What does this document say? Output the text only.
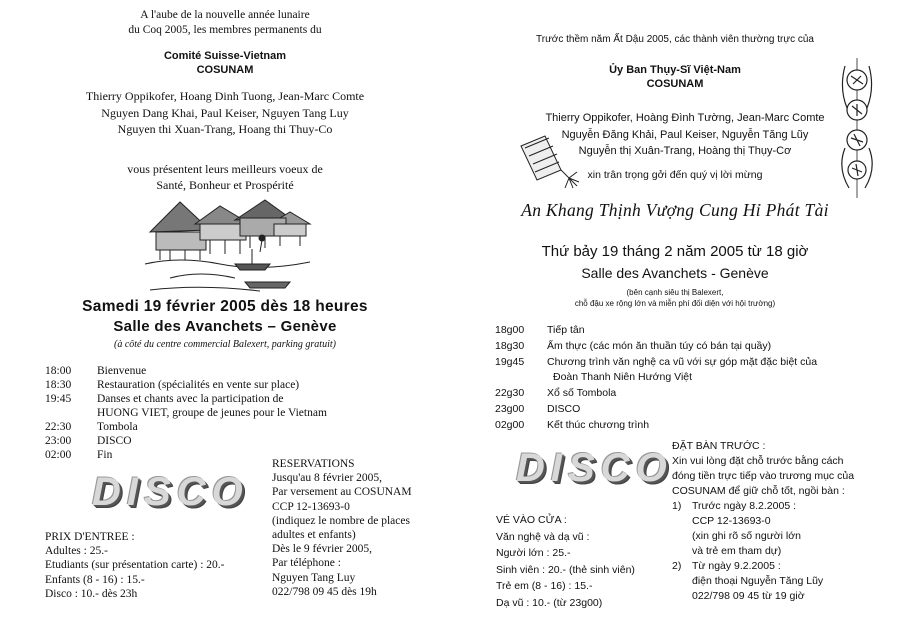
A l'aube de la nouvelle année lunaire
du Coq 2005, les membres permanents du
Comité Suisse-Vietnam
COSUNAM
Thierry Oppikofer, Hoang Dinh Tuong, Jean-Marc Comte
Nguyen Dang Khai, Paul Keiser, Nguyen Tang Luy
Nguyen thi Xuan-Trang, Hoang thi Thuy-Co
vous présentent leurs meilleurs voeux de
Santé, Bonheur et Prospérité
Samedi 19 février 2005 dès 18 heures
Salle des Avanchets – Genève
(à côté du centre commercial Balexert, parking gratuit)
18:00	Bienvenue
18:30	Restauration (spécialités en vente sur place)
19:45	Danses et chants avec la participation de
HUONG VIET, groupe de jeunes pour le Vietnam
22:30	Tombola
23:00	DISCO
02:00	Fin
DISCO
PRIX D'ENTREE :
Adultes : 25.-
Etudiants (sur présentation carte) : 20.-
Enfants (8 - 16) : 15.-
Disco : 10.- dès 23h
RESERVATIONS
Jusqu'au 8 février 2005,
Par versement au COSUNAM
CCP 12-13693-0
(indiquez le nombre de places
adultes et enfants)
Dès le 9 février 2005,
Par téléphone :
Nguyen Tang Luy
022/798 09 45 dès 19h
Trước thềm năm Ất Dậu 2005, các thành viên thường trực của
Ủy Ban Thụy-Sĩ Việt-Nam
COSUNAM
Thierry Oppikofer, Hoàng Đình Tường, Jean-Marc Comte
Nguyễn Đăng Khải, Paul Keiser, Nguyễn Tăng Lũy
Nguyễn thị Xuân-Trang, Hoàng thị Thụy-Cơ
xin trân trọng gởi đến quý vị lời mừng
An Khang Thịnh Vượng Cung Hỉ Phát Tài
Thứ bảy 19 tháng 2 năm 2005 từ 18 giờ
Salle des Avanchets - Genève
(bên cạnh siêu thị Balexert,
chỗ đậu xe rộng lớn và miễn phí đối diện với hội trường)
18g00	Tiếp tân
18g30	Ẩm thực (các món ăn thuần túy có bán tại quầy)
19g45	Chương trình văn nghệ ca vũ với sự góp mặt đặc biệt của
Đoàn Thanh Niên Hướng Việt
22g30	Xổ số Tombola
23g00	DISCO
02g00	Kết thúc chương trình
DISCO
VÉ VÀO CỬA :
Văn nghệ và dạ vũ :
Người lớn : 25.-
Sinh viên : 20.- (thẻ sinh viên)
Trẻ em (8 - 16) : 15.-
Dạ vũ : 10.- (từ 23g00)
ĐẶT BÀN TRƯỚC :
Xin vui lòng đặt chỗ trước bằng cách
đóng tiền trực tiếp vào trương mục của
COSUNAM để giữ chỗ tốt, ngồi bàn :
1)	Trước ngày 8.2.2005 :
CCP 12-13693-0
(xin ghi rõ số người lớn
và trẻ em tham dự)
2)	Từ ngày 9.2.2005 :
điện thoại Nguyễn Tăng Lũy
022/798 09 45 từ 19 giờ
